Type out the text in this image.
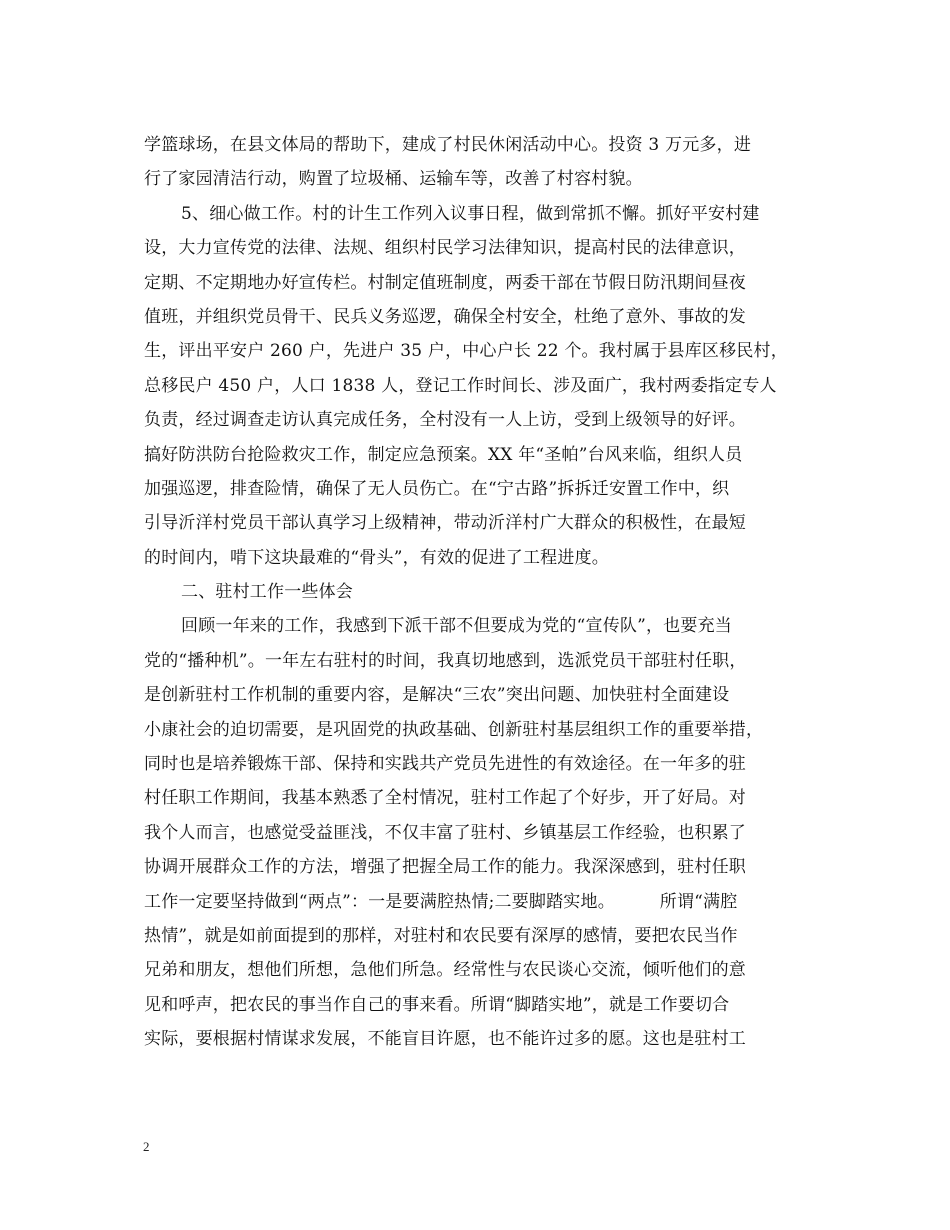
学篮球场，在县文体局的帮助下，建成了村民休闲活动中心。投资 3 万元多，进
行了家园清洁行动，购置了垃圾桶、运输车等，改善了村容村貌。
5、细心做工作。村的计生工作列入议事日程，做到常抓不懈。抓好平安村建
设，大力宣传党的法律、法规、组织村民学习法律知识，提高村民的法律意识，
定期、不定期地办好宣传栏。村制定值班制度，两委干部在节假日防汛期间昼夜
值班，并组织党员骨干、民兵义务巡逻，确保全村安全，杜绝了意外、事故的发
生，评出平安户 260 户，先进户 35 户，中心户长 22 个。我村属于县库区移民村，
总移民户 450 户，人口 1838 人，登记工作时间长、涉及面广，我村两委指定专人
负责，经过调查走访认真完成任务，全村没有一人上访，受到上级领导的好评。
搞好防洪防台抢险救灾工作，制定应急预案。XX 年“圣帕”台风来临，组织人员
加强巡逻，排查险情，确保了无人员伤亡。在“宁古路”拆拆迁安置工作中，织
引导沂洋村党员干部认真学习上级精神，带动沂洋村广大群众的积极性，在最短
的时间内，啃下这块最难的“骨头”，有效的促进了工程进度。
二、驻村工作一些体会
回顾一年来的工作，我感到下派干部不但要成为党的“宣传队”，也要充当
党的“播种机”。一年左右驻村的时间，我真切地感到，选派党员干部驻村任职，
是创新驻村工作机制的重要内容，是解决“三农”突出问题、加快驻村全面建设
小康社会的迫切需要，是巩固党的执政基础、创新驻村基层组织工作的重要举措，
同时也是培养锻炼干部、保持和实践共产党员先进性的有效途径。在一年多的驻
村任职工作期间，我基本熟悉了全村情况，驻村工作起了个好步，开了好局。对
我个人而言，也感觉受益匪浅，不仅丰富了驻村、乡镇基层工作经验，也积累了
协调开展群众工作的方法，增强了把握全局工作的能力。我深深感到，驻村任职
工作一定要坚持做到“两点”：一是要满腔热情;二要脚踏实地。        所谓“满腔
热情”，就是如前面提到的那样，对驻村和农民要有深厚的感情，要把农民当作
兄弟和朋友，想他们所想，急他们所急。经常性与农民谈心交流，倾听他们的意
见和呼声，把农民的事当作自己的事来看。所谓“脚踏实地”，就是工作要切合
实际，要根据村情谋求发展，不能盲目许愿，也不能许过多的愿。这也是驻村工
2
